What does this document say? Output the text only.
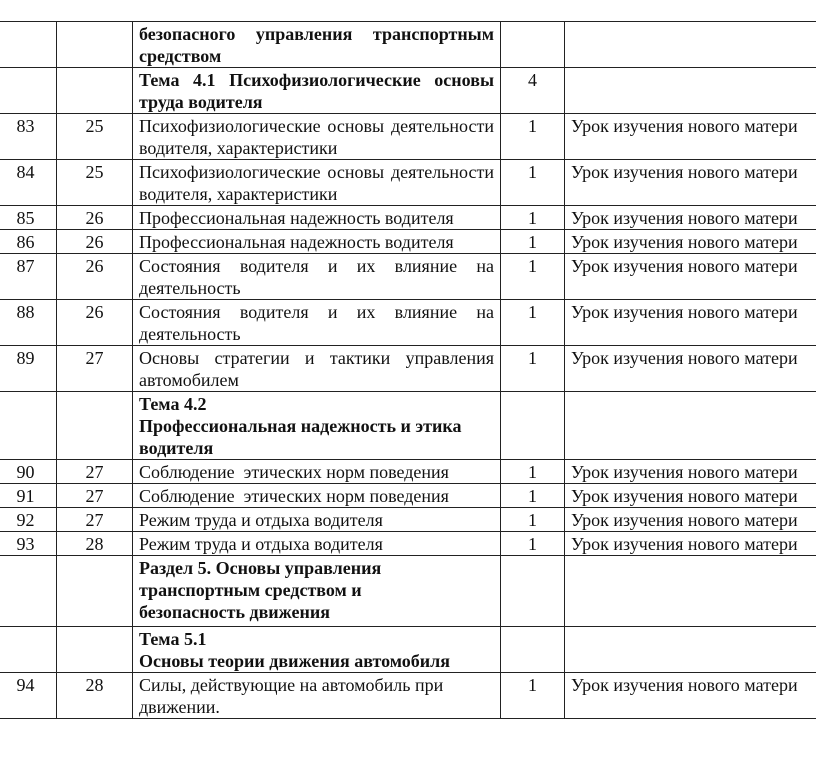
		безопасного управления транспортным средством		
		Тема 4.1 Психофизиологические основы труда водителя	4	
83	25	Психофизиологические основы деятельности водителя, характеристики	1	Урок изучения нового матери
84	25	Психофизиологические основы деятельности водителя, характеристики	1	Урок изучения нового матери
85	26	Профессиональная надежность водителя	1	Урок изучения нового матери
86	26	Профессиональная надежность водителя	1	Урок изучения нового матери
87	26	Состояния водителя и их влияние на деятельность	1	Урок изучения нового матери
88	26	Состояния водителя и их влияние на деятельность	1	Урок изучения нового матери
89	27	Основы стратегии и тактики управления автомобилем	1	Урок изучения нового матери
		Тема 4.2
Профессиональная надежность и этика водителя		
90	27	Соблюдение  этических норм поведения	1	Урок изучения нового матери
91	27	Соблюдение  этических норм поведения	1	Урок изучения нового матери
92	27	Режим труда и отдыха водителя	1	Урок изучения нового матери
93	28	Режим труда и отдыха водителя	1	Урок изучения нового матери
		Раздел 5. Основы управления транспортным средством и безопасность движения		
		Тема 5.1
Основы теории движения автомобиля		
94	28	Силы, действующие на автомобиль при движении.	1	Урок изучения нового матери
